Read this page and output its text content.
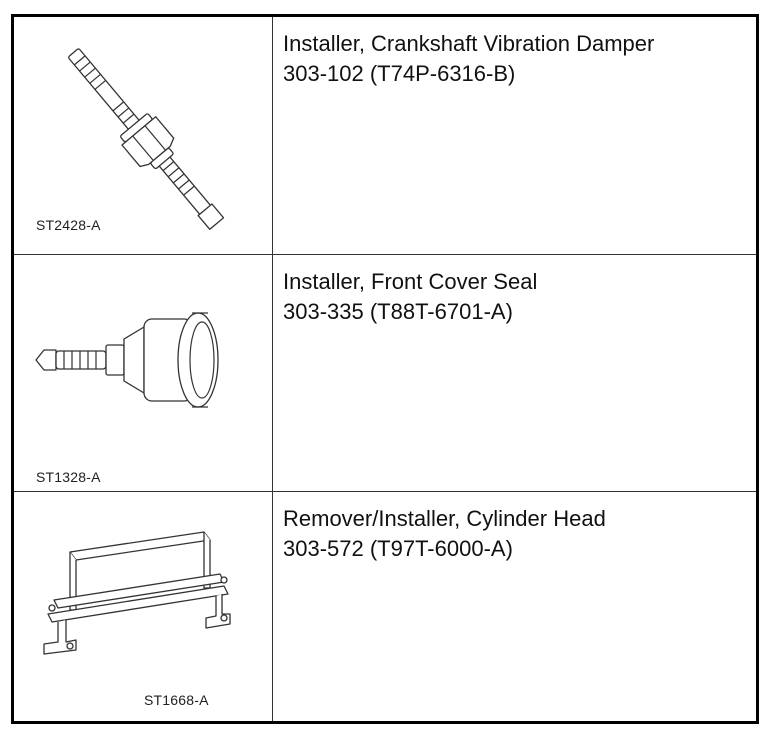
ST2428-A
Installer, Crankshaft Vibration Damper
303-102 (T74P-6316-B)
ST1328-A
Installer, Front Cover Seal
303-335 (T88T-6701-A)
ST1668-A
Remover/Installer, Cylinder Head
303-572 (T97T-6000-A)
